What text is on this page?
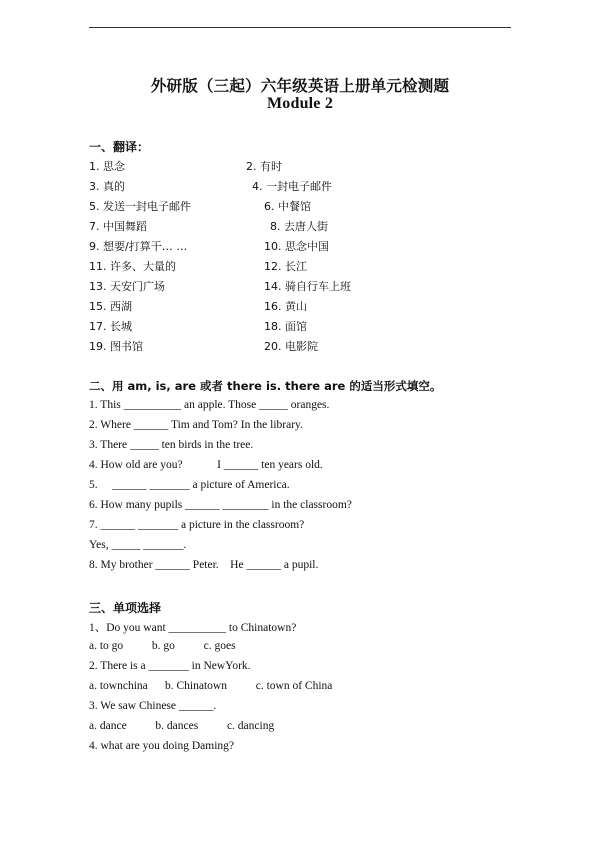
外研版（三起）六年级英语上册单元检测题
Module 2
一、翻译：
1. 思念	2. 有时
3. 真的	4. 一封电子邮件
5. 发送一封电子邮件	6. 中餐馆
7. 中国舞蹈	8. 去唐人街
9. 想要/打算干… …	10. 思念中国
11. 许多、大量的	12. 长江
13. 天安门广场	14. 骑自行车上班
15. 西湖	16. 黄山
17. 长城	18. 面馆
19. 图书馆	20. 电影院
二、用 am, is, are 或者 there is. there are 的适当形式填空。
1. This __________ an apple. Those _____ oranges.
2. Where ______ Tim and Tom? In the library.
3. There _____ ten birds in the tree.
4. How old are you?            I ______ ten years old.
5.     ______ _______ a picture of America.
6. How many pupils ______ ________ in the classroom?
7. ______ _______ a picture in the classroom?
Yes, _____ _______.
8. My brother ______ Peter.    He ______ a pupil.
三、单项选择
1、Do you want __________ to Chinatown?
a. to go          b. go          c. goes
2. There is a _______ in NewYork.
a. townchina      b. Chinatown          c. town of China
3. We saw Chinese ______.
a. dance          b. dances          c. dancing
4. what are you doing Daming?
